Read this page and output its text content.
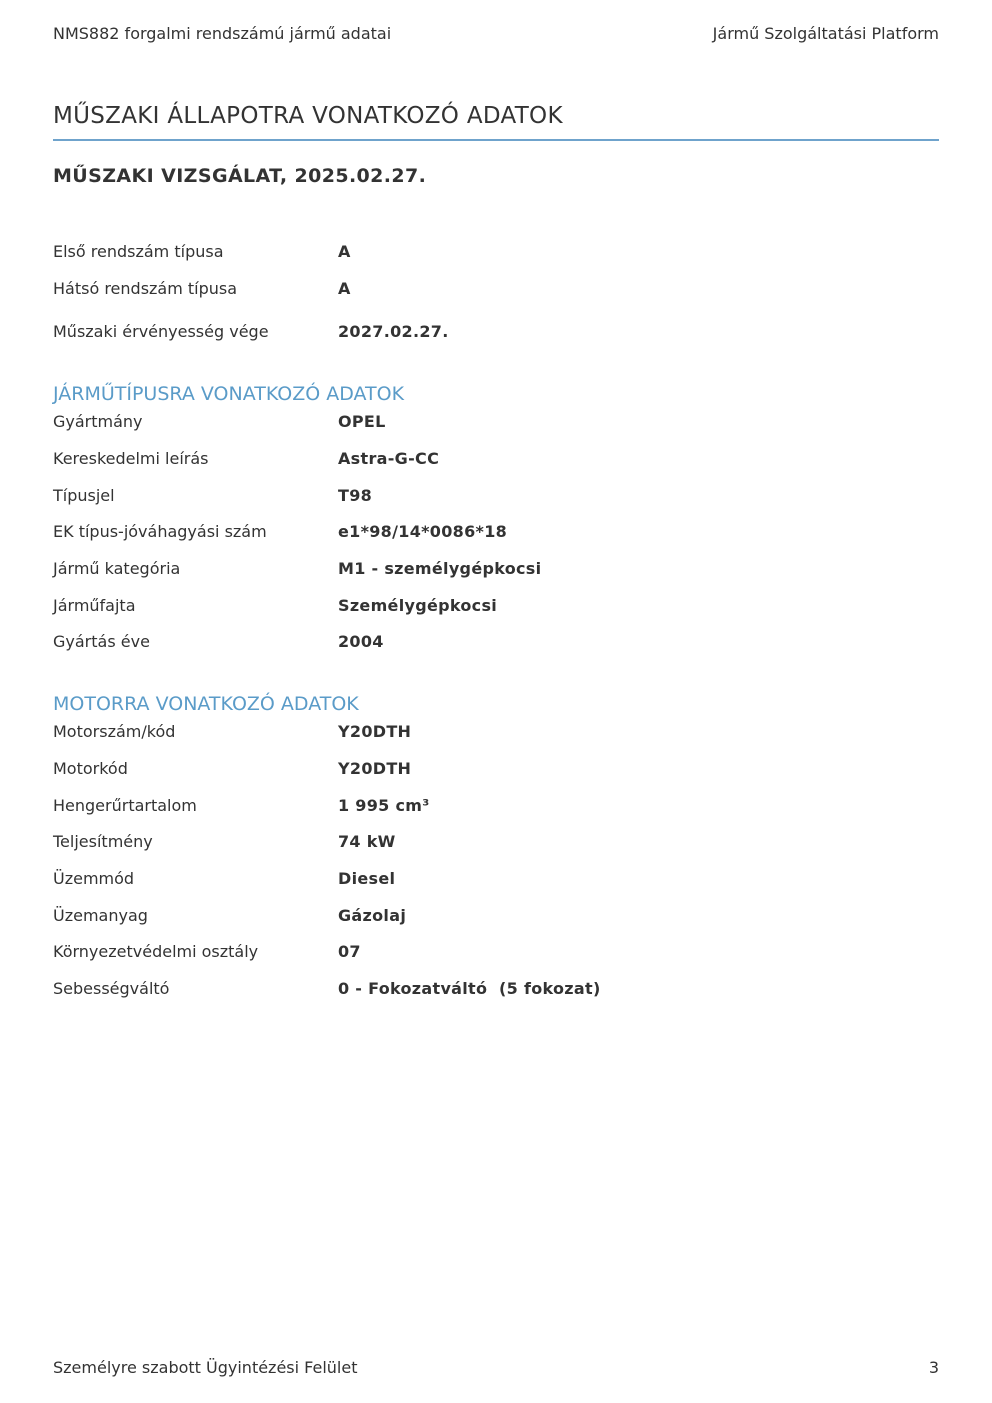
NMS882 forgalmi rendszámú jármű adatai	Jármű Szolgáltatási Platform
MŰSZAKI ÁLLAPOTRA VONATKOZÓ ADATOK
MŰSZAKI VIZSGÁLAT, 2025.02.27.
Első rendszám típusa	A
Hátsó rendszám típusa	A
Műszaki érvényesség vége	2027.02.27.
JÁRMŰTÍPUSRA VONATKOZÓ ADATOK
Gyártmány	OPEL
Kereskedelmi leírás	Astra-G-CC
Típusjel	T98
EK típus-jóváhagyási szám	e1*98/14*0086*18
Jármű kategória	M1 - személygépkocsi
Járműfajta	Személygépkocsi
Gyártás éve	2004
MOTORRA VONATKOZÓ ADATOK
Motorszám/kód	Y20DTH
Motorkód	Y20DTH
Hengerűrtartalom	1 995 cm³
Teljesítmény	74 kW
Üzemmód	Diesel
Üzemanyag	Gázolaj
Környezetvédelmi osztály	07
Sebességváltó	0 - Fokozatváltó  (5 fokozat)
Személyre szabott Ügyintézési Felület	3
